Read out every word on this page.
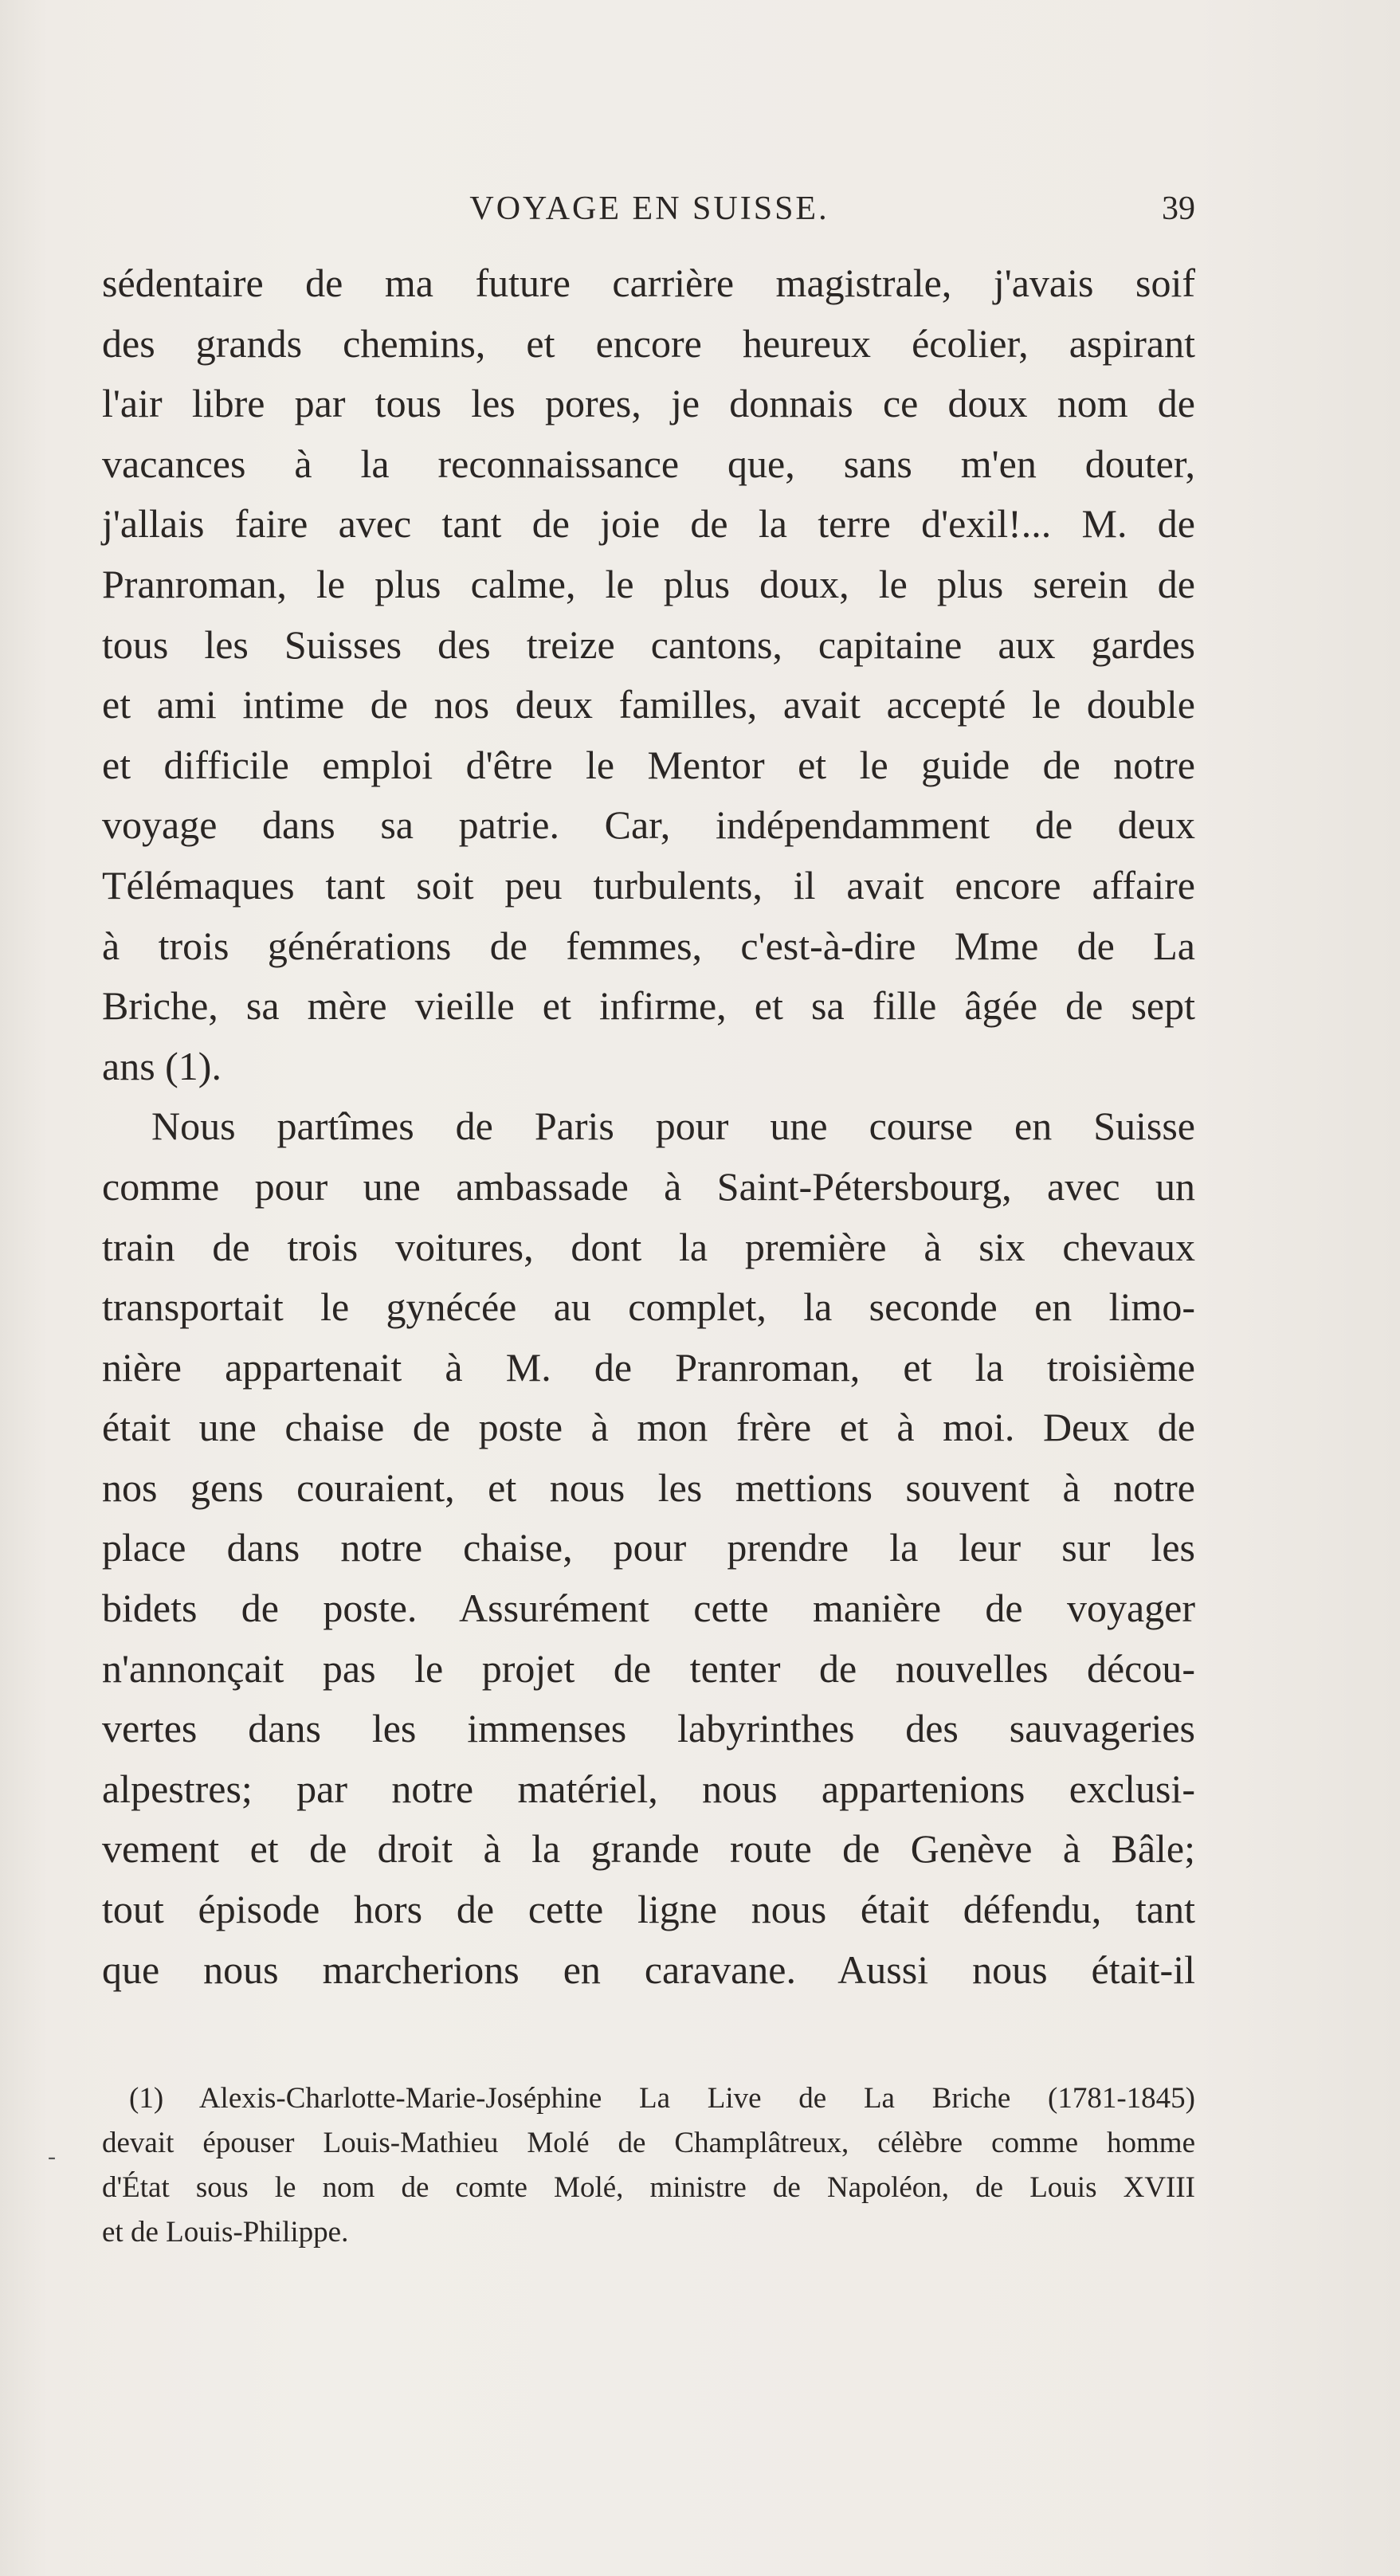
VOYAGE EN SUISSE.	39
sédentaire de ma future carrière magistrale, j'avais soif
des grands chemins, et encore heureux écolier, aspirant
l'air libre par tous les pores, je donnais ce doux nom de
vacances à la reconnaissance que, sans m'en douter,
j'allais faire avec tant de joie de la terre d'exil!... M. de
Pranroman, le plus calme, le plus doux, le plus serein de
tous les Suisses des treize cantons, capitaine aux gardes
et ami intime de nos deux familles, avait accepté le double
et difficile emploi d'être le Mentor et le guide de notre
voyage dans sa patrie. Car, indépendamment de deux
Télémaques tant soit peu turbulents, il avait encore affaire
à trois générations de femmes, c'est-à-dire Mme de La
Briche, sa mère vieille et infirme, et sa fille âgée de sept
ans (1).
Nous partîmes de Paris pour une course en Suisse
comme pour une ambassade à Saint-Pétersbourg, avec un
train de trois voitures, dont la première à six chevaux
transportait le gynécée au complet, la seconde en limo-
nière appartenait à M. de Pranroman, et la troisième
était une chaise de poste à mon frère et à moi. Deux de
nos gens couraient, et nous les mettions souvent à notre
place dans notre chaise, pour prendre la leur sur les
bidets de poste. Assurément cette manière de voyager
n'annonçait pas le projet de tenter de nouvelles décou-
vertes dans les immenses labyrinthes des sauvageries
alpestres; par notre matériel, nous appartenions exclusi-
vement et de droit à la grande route de Genève à Bâle;
tout épisode hors de cette ligne nous était défendu, tant
que nous marcherions en caravane. Aussi nous était-il
-
(1) Alexis-Charlotte-Marie-Joséphine La Live de La Briche (1781-1845)
devait épouser Louis-Mathieu Molé de Champlâtreux, célèbre comme homme
d'État sous le nom de comte Molé, ministre de Napoléon, de Louis XVIII
et de Louis-Philippe.
